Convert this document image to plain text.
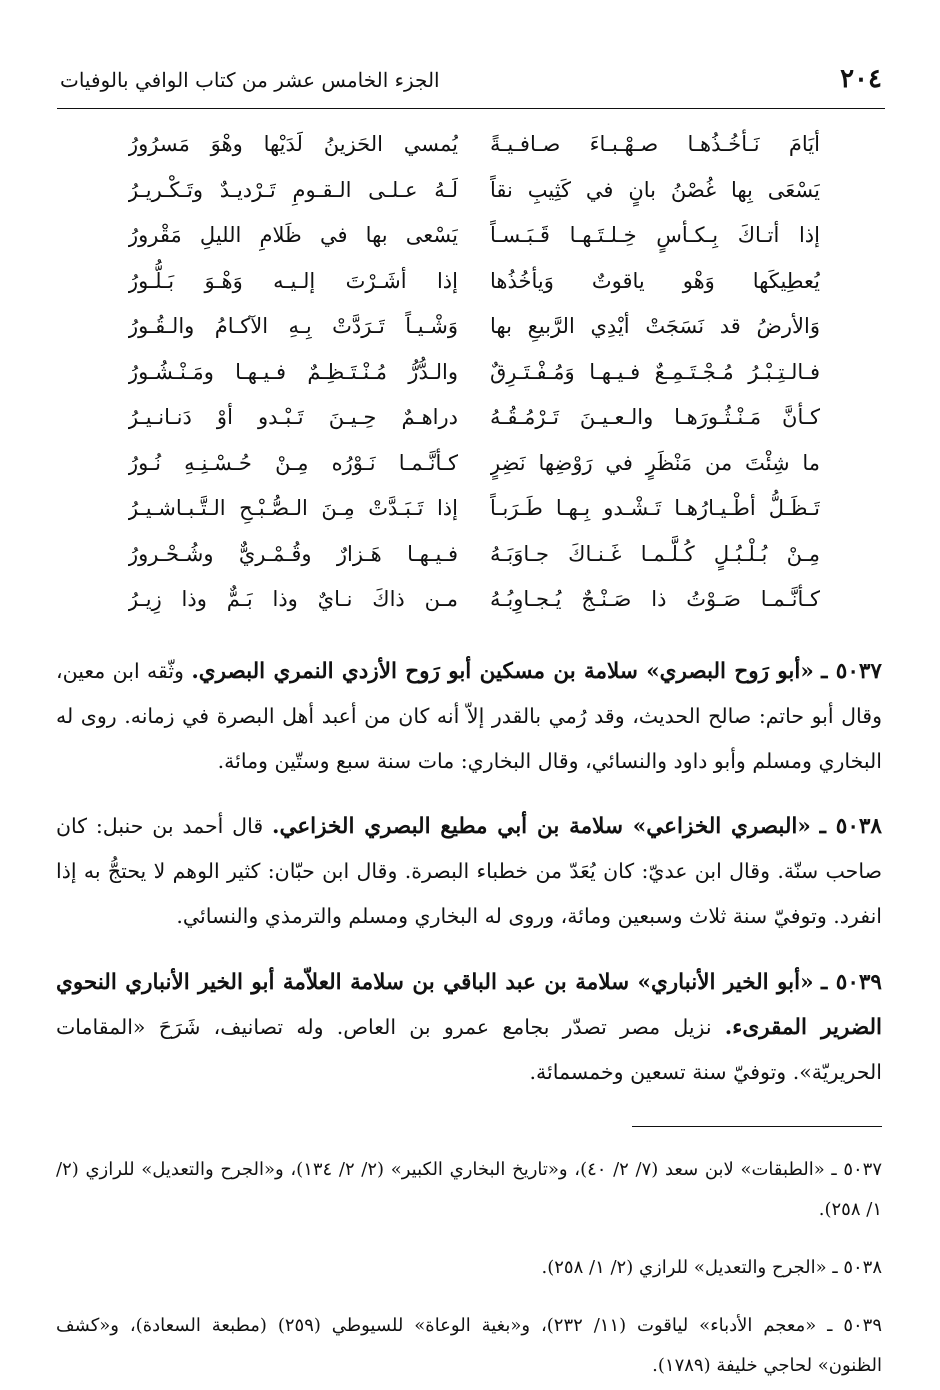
٢٠٤
الجزء الخامس عشر من كتاب الوافي بالوفيات
أيَامَ نَـأخُـذُهـا صـهْـبـاءَ صـافـيـةً
يُمسي الحَزينُ لَدَيْها وهْوَ مَسرُورُ
يَسْعَى بِها غُصْنُ بانٍ في كَثِيبِ نقاً
لَـهُ عـلـى الـقـومِ تَـرْديـدٌ وتَـكْـريـرُ
إذا أتـاكَ بِـكـأسٍ خِـلـتَـهـا قَـبَـسـاً
يَسْعى بها في ظَلامِ الليلِ مَقْرورُ
يُعطِيكَها وَهْو ياقوتٌ وَيأخُذُها
إذا أشَـرْتَ إلـيـه وَهْـوَ بَـلُّـورُ
وَالأرضُ قد نَسَجَتْ أيْدِي الرَّبيعِ بها
وَشْـيـاً تَـرَدَّتْ بِـهِ الآكـامُ والـقُـورُ
فـالـتِـبْـرُ مُـجْـتَـمِـعٌ فـيـهـا وَمُـفْـتَـرِقٌ
والـدُّرُّ مُـنْـتَـظِـمٌ فـيـهـا ومَـنْـشُـورُ
كـأنَّ مَـنْـثُـورَهـا والـعـيـنَ تَـرْمُـقُـهُ
دراهـمٌ حِـيـنَ تَـبْـدو أوْ دَنـانـيـرُ
ما شِئْتَ من مَنْظَرٍ في رَوْضِها نَضِرٍ
كـأنَّـمـا نَـوْرُه مِـنْ حُـسْـنِـهِ نُـورُ
تَـظَـلُّ أطْـيـارُهـا تَـشْـدو بِـهـا طَـرَبـاً
إذا تَـبَـدَّتْ مِـنَ الـصُّـبْـحِ الـتَّـبـاشـيـرُ
مِـنْ بُـلْـبُـلٍ كُـلَّـمـا غَـنـاكَ جـاوَبَـهُ
فـيـهـا هَـزارٌ وقُـمْـريٌّ وشُـحْـرورُ
كـأنَّـمـا صَـوْتُ ذا صَـنْـجٌ يُـجـاوِبُـهُ
مـن ذاكَ نـايٌ وذا بَـمٌّ وذا زِيـرُ

٥٠٣٧ ـ «أبو رَوح البصري» سلامة بن مسكين أبو رَوح الأزدي النمري البصري. وثّقه ابن معين، وقال أبو حاتم: صالح الحديث، وقد رُمي بالقدر إلاّ أنه كان من أعبد أهل البصرة في زمانه. روى له البخاري ومسلم وأبو داود والنسائي، وقال البخاري: مات سنة سبع وستّين ومائة.

٥٠٣٨ ـ «البصري الخزاعي» سلامة بن أبي مطيع البصري الخزاعي. قال أحمد بن حنبل: كان صاحب سنّة. وقال ابن عديّ: كان يُعَدّ من خطباء البصرة. وقال ابن حبّان: كثير الوهم لا يحتجُّ به إذا انفرد. وتوفيّ سنة ثلاث وسبعين ومائة، وروى له البخاري ومسلم والترمذي والنسائي.

٥٠٣٩ ـ «أبو الخير الأنباري» سلامة بن عبد الباقي بن سلامة العلاّمة أبو الخير الأنباري النحوي الضرير المقرىء. نزيل مصر تصدّر بجامع عمرو بن العاص. وله تصانيف، شَرَحَ «المقامات الحريريّة». وتوفيّ سنة تسعين وخمسمائة.

٥٠٣٧ ـ «الطبقات» لابن سعد (٧/ ٢/ ٤٠)، و«تاريخ البخاري الكبير» (٢/ ٢/ ١٣٤)، و«الجرح والتعديل» للرازي (٢/ ١/ ٢٥٨).

٥٠٣٨ ـ «الجرح والتعديل» للرازي (٢/ ١/ ٢٥٨).

٥٠٣٩ ـ «معجم الأدباء» لياقوت (١١/ ٢٣٢)، و«بغية الوعاة» للسيوطي (٢٥٩) (مطبعة السعادة)، و«كشف الظنون» لحاجي خليفة (١٧٨٩).
